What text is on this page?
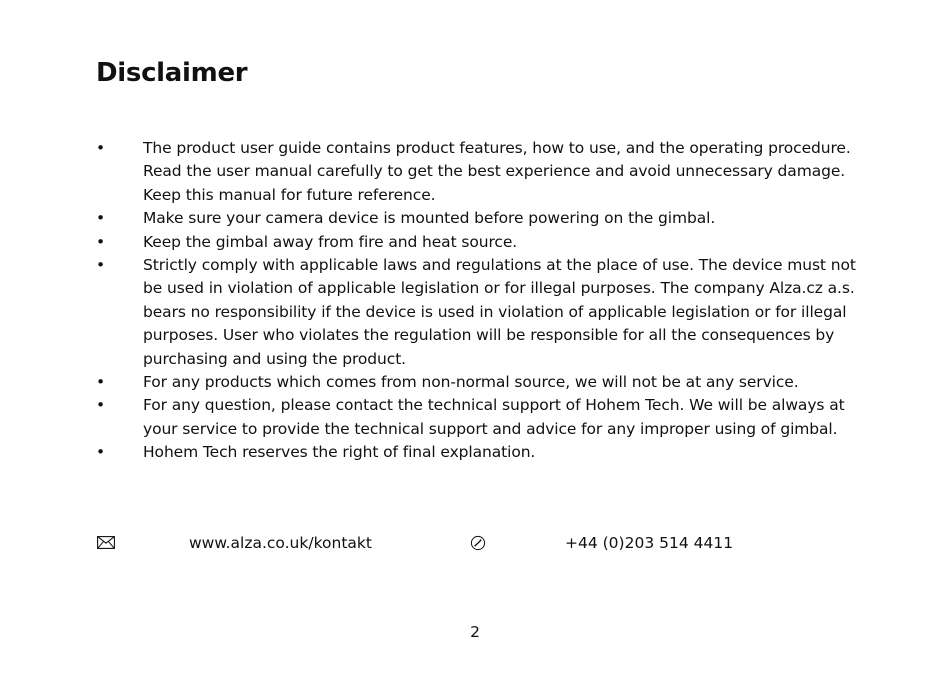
Disclaimer
• The product user guide contains product features, how to use, and the operating procedure. Read the user manual carefully to get the best experience and avoid unnecessary damage. Keep this manual for future reference.
• Make sure your camera device is mounted before powering on the gimbal.
• Keep the gimbal away from fire and heat source.
• Strictly comply with applicable laws and regulations at the place of use. The device must not be used in violation of applicable legislation or for illegal purposes. The company Alza.cz a.s. bears no responsibility if the device is used in violation of applicable legislation or for illegal purposes. User who violates the regulation will be responsible for all the consequences by purchasing and using the product.
• For any products which comes from non-normal source, we will not be at any service.
• For any question, please contact the technical support of Hohem Tech. We will be always at your service to provide the technical support and advice for any improper using of gimbal.
• Hohem Tech reserves the right of final explanation.
www.alza.co.uk/kontakt	+44 (0)203 514 4411
2
